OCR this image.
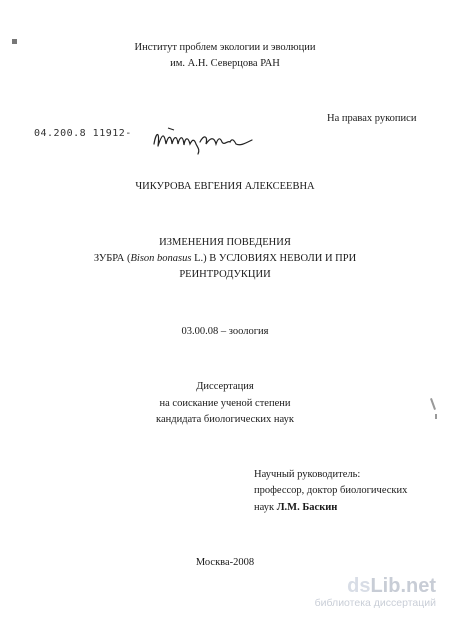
Институт проблем экологии и эволюции
им. А.Н. Северцова РАН
На правах рукописи
04.200.8 11912-
ЧИКУРОВА ЕВГЕНИЯ АЛЕКСЕЕВНА
ИЗМЕНЕНИЯ ПОВЕДЕНИЯ
ЗУБРА (Bison bonasus L.) В УСЛОВИЯХ НЕВОЛИ И ПРИ
РЕИНТРОДУКЦИИ
03.00.08 – зоология
Диссертация
на соискание ученой степени
кандидата биологических наук
Научный руководитель:
профессор, доктор биологических
наук Л.М. Баскин
Москва-2008
dsLib.net
библиотека диссертаций
